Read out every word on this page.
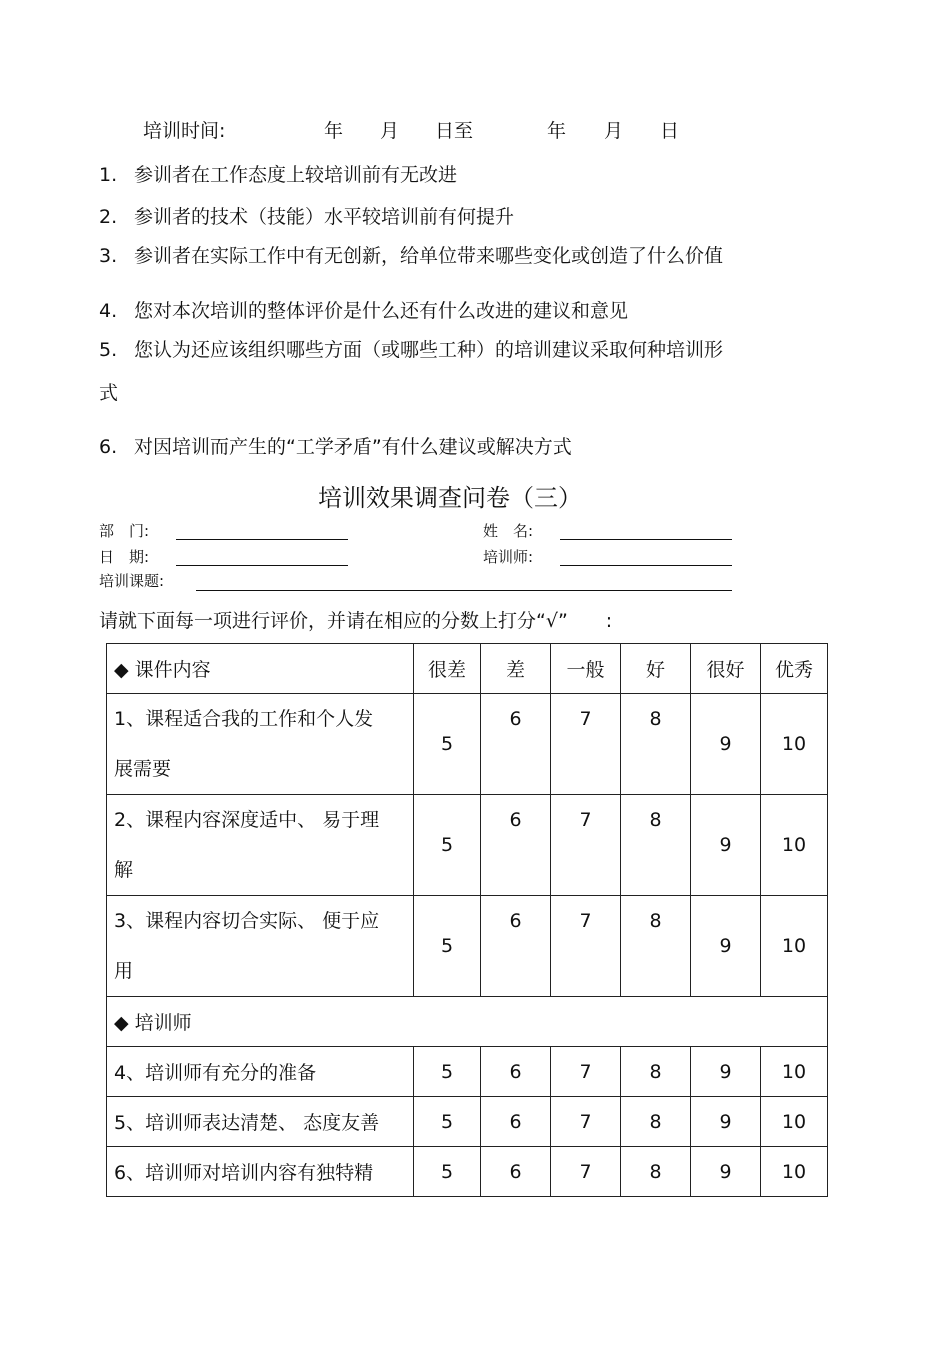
培训时间:	年 月 日至	年 月 日
1. 参训者在工作态度上较培训前有无改进
2. 参训者的技术（技能）水平较培训前有何提升
3. 参训者在实际工作中有无创新，给单位带来哪些变化或创造了什么价值
4. 您对本次培训的整体评价是什么还有什么改进的建议和意见
5. 您认为还应该组织哪些方面（或哪些工种）的培训建议采取何种培训形
式
6. 对因培训而产生的“工学矛盾”有什么建议或解决方式
培训效果调查问卷（三）
部　门:	姓　名:
日　期:	培训师:
培训课题:
请就下面每一项进行评价，并请在相应的分数上打分“√”　　:
◆ 课件内容	很差	差	一般	好	很好	优秀

1、课程适合我的工作和个人发
展需要	5	6	7	8	9	10

2、课程内容深度适中、 易于理
解	5	6	7	8	9	10

3、课程内容切合实际、 便于应
用	5	6	7	8	9	10

◆ 培训师						
4、培训师有充分的准备	5	6	7	8	9	10
5、培训师表达清楚、 态度友善	5	6	7	8	9	10
6、培训师对培训内容有独特精	5	6	7	8	9	10
